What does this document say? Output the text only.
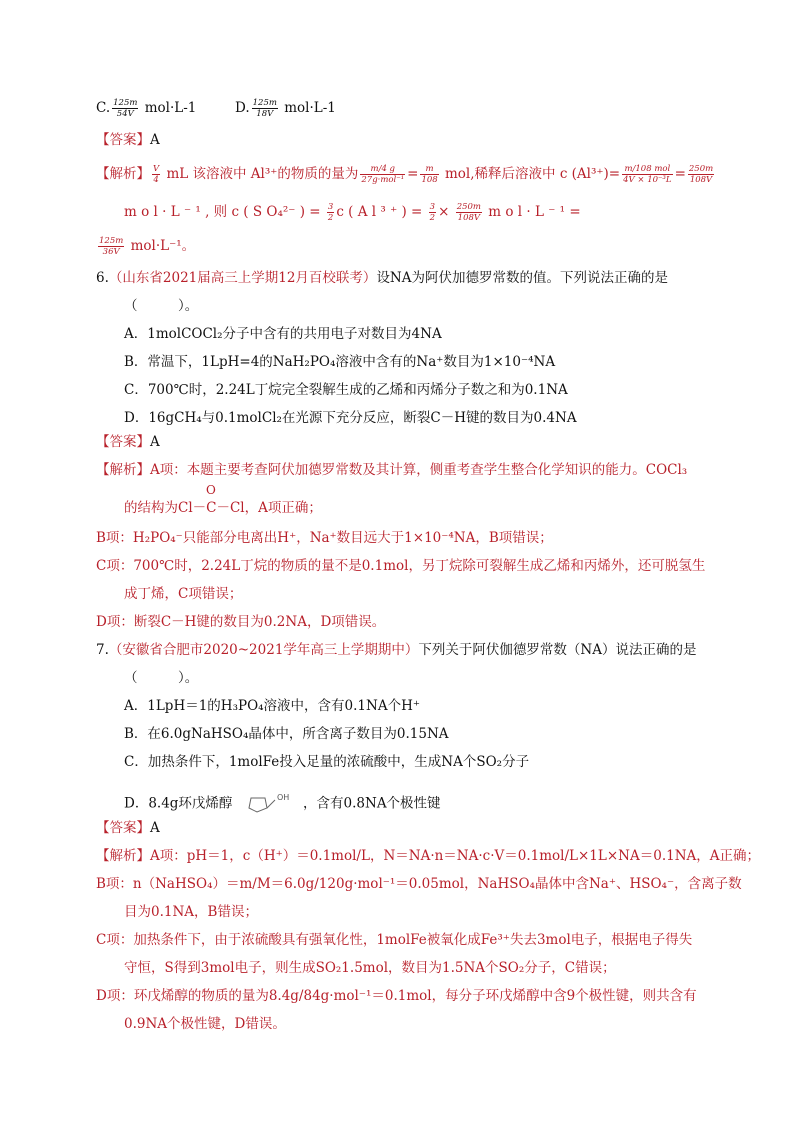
C. $\frac{125m}{54V} mol\cdot L-1$	D. $\frac{125m}{18V} mol\cdot L-1$
【答案】A
【解析】 $\frac{V}{4}$ mL 该溶液中 Al³⁺的物质的量为 $\frac{m/4 g}{\text{27g·mol⁻¹}} = \frac{m}{108}$ mol,稀释后溶液中 c $(Al^{3+})= \frac{\text{m/108 mol}}{\text{4V × 10⁻³L}} = \frac{250m}{108V}$
m o l · L ⁻ ¹ , 则 c ( S O₄²⁻ ) = $\frac{3}{2}$ c ( A l ³ ⁺ ) = $\frac{3}{2} \times \frac{250m}{108V}$ m o l · L ⁻ ¹ =
$\frac{125m}{36V} mol\cdot L^{-1}$。
6.（山东省2021届高三上学期12月百校联考）设NA为阿伏加德罗常数的值。下列说法正确的是
（　　　）。
A．1molCOCl₂分子中含有的共用电子对数目为4NA
B．常温下，1LpH=4的NaH₂PO₄溶液中含有的Na⁺数目为1×10⁻⁴NA
C．700℃时，2.24L丁烷完全裂解生成的乙烯和丙烯分子数之和为0.1NA
D．16gCH₄与0.1molCl₂在光源下充分反应，断裂C－H键的数目为0.4NA
【答案】A
【解析】A项：本题主要考查阿伏加德罗常数及其计算，侧重考查学生整合化学知识的能力。COCl₃
O
的结构为Cl－C－Cl，A项正确；
B项：H₂PO₄⁻只能部分电离出H⁺，Na⁺数目远大于1×10⁻⁴NA，B项错误；
C项：700℃时，2.24L丁烷的物质的量不是0.1mol，另丁烷除可裂解生成乙烯和丙烯外，还可脱氢生
成丁烯，C项错误；
D项：断裂C－H键的数目为0.2NA，D项错误。
7.（安徽省合肥市2020~2021学年高三上学期期中）下列关于阿伏伽德罗常数（NA）说法正确的是
（　　　）。
A．1LpH＝1的H₃PO₄溶液中，含有0.1NA个H⁺
B．在6.0gNaHSO₄晶体中，所含离子数目为0.15NA
C．加热条件下，1molFe投入足量的浓硫酸中，生成NA个SO₂分子
D．8.4g环戊烯醇	OH ，含有0.8NA个极性键
【答案】A
【解析】A项：pH＝1，c（H⁺）＝0.1mol/L，N＝NA·n＝NA·c·V＝0.1mol/L×1L×NA＝0.1NA，A正确；
B项：n（NaHSO₄）＝m/M＝6.0g/120g·mol⁻¹＝0.05mol，NaHSO₄晶体中含Na⁺、HSO₄⁻，含离子数
目为0.1NA，B错误；
C项：加热条件下，由于浓硫酸具有强氧化性，1molFe被氧化成Fe³⁺失去3mol电子，根据电子得失
守恒，S得到3mol电子，则生成SO₂1.5mol，数目为1.5NA个SO₂分子，C错误；
D项：环戊烯醇的物质的量为8.4g/84g·mol⁻¹＝0.1mol，每分子环戊烯醇中含9个极性键，则共含有
0.9NA个极性键，D错误。
